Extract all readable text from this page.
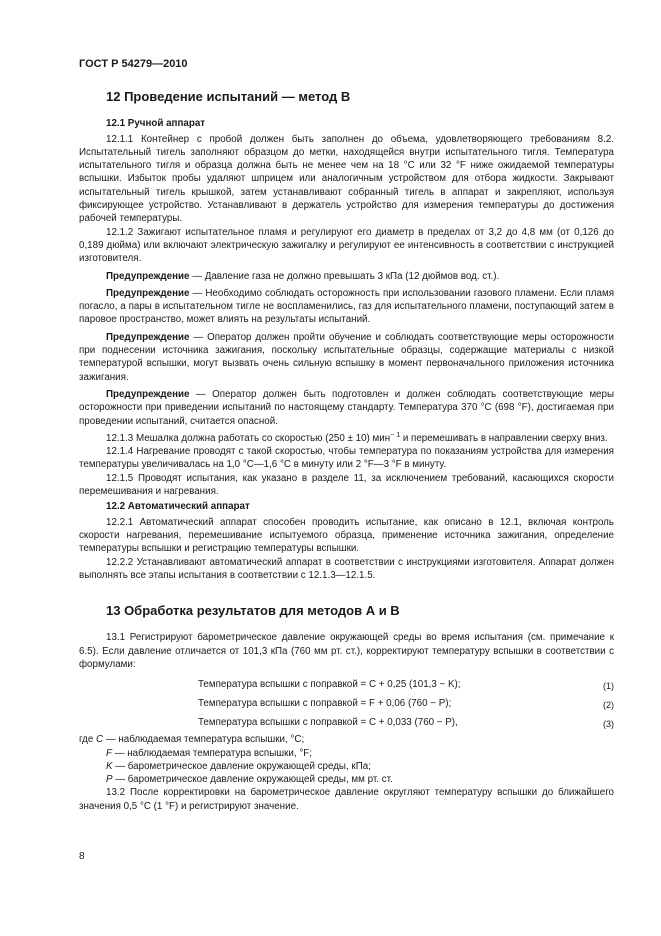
ГОСТ Р 54279—2010
12 Проведение испытаний — метод В
12.1 Ручной аппарат

12.1.1 Контейнер с пробой должен быть заполнен до объема, удовлетворяющего требованиям 8.2. Испытательный тигель заполняют образцом до метки, находящейся внутри испытательного тигля. Температура испытательного тигля и образца должна быть не менее чем на 18 °С или 32 °F ниже ожидаемой температуры вспышки. Избыток пробы удаляют шприцем или аналогичным устройством для отбора жидкости. Закрывают испытательный тигель крышкой, затем устанавливают собранный тигель в аппарат и закрепляют, используя фиксирующее устройство. Устанавливают в держатель устройство для измерения температуры до достижения рабочей температуры.

12.1.2 Зажигают испытательное пламя и регулируют его диаметр в пределах от 3,2 до 4,8 мм (от 0,126 до 0,189 дюйма) или включают электрическую зажигалку и регулируют ее интенсивность в соответствии с инструкцией изготовителя.

Предупреждение — Давление газа не должно превышать 3 кПа (12 дюймов вод. ст.).

Предупреждение — Необходимо соблюдать осторожность при использовании газового пламени. Если пламя погасло, а пары в испытательном тигле не воспламенились, газ для испытательного пламени, поступающий затем в паровое пространство, может влиять на результаты испытаний.

Предупреждение — Оператор должен пройти обучение и соблюдать соответствующие меры осторожности при поднесении источника зажигания, поскольку испытательные образцы, содержащие материалы с низкой температурой вспышки, могут вызвать очень сильную вспышку в момент первоначального приложения источника зажигания.

Предупреждение — Оператор должен быть подготовлен и должен соблюдать соответствующие меры осторожности при приведении испытаний по настоящему стандарту. Температура 370 °С (698 °F), достигаемая при проведении испытаний, считается опасной.

12.1.3 Мешалка должна работать со скоростью (250 ± 10) мин$^{- 1}$ и перемешивать в направлении сверху вниз.

12.1.4 Нагревание проводят с такой скоростью, чтобы температура по показаниям устройства для измерения температуры увеличивалась на 1,0 °С—1,6 °С в минуту или 2 °F—3 °F в минуту.

12.1.5 Проводят испытания, как указано в разделе 11, за исключением требований, касающихся скорости перемешивания и нагревания.

12.2 Автоматический аппарат

12.2.1 Автоматический аппарат способен проводить испытание, как описано в 12.1, включая контроль скорости нагревания, перемешивание испытуемого образца, применение источника зажигания, определение температуры вспышки и регистрацию температуры вспышки.

12.2.2 Устанавливают автоматический аппарат в соответствии с инструкциями изготовителя. Аппарат должен выполнять все этапы испытания в соответствии с 12.1.3—12.1.5.

13 Обработка результатов для методов А и В

13.1 Регистрируют барометрическое давление окружающей среды во время испытания (см. примечание к 6.5). Если давление отличается от 101,3 кПа (760 мм рт. ст.), корректируют температуру вспышки в соответствии с формулами:

Температура вспышки с поправкой = C + 0,25 (101,3 − K);	(1)
Температура вспышки с поправкой = F + 0,06 (760 − P);	(2)
Температура вспышки с поправкой = C + 0,033 (760 − P),	(3)
где C — наблюдаемая температура вспышки, °С;
F — наблюдаемая температура вспышки, °F;
K — барометрическое давление окружающей среды, кПа;
P — барометрическое давление окружающей среды, мм рт. ст.

13.2 После корректировки на барометрическое давление округляют температуру вспышки до ближайшего значения 0,5 °С (1 °F) и регистрируют значение.

8
